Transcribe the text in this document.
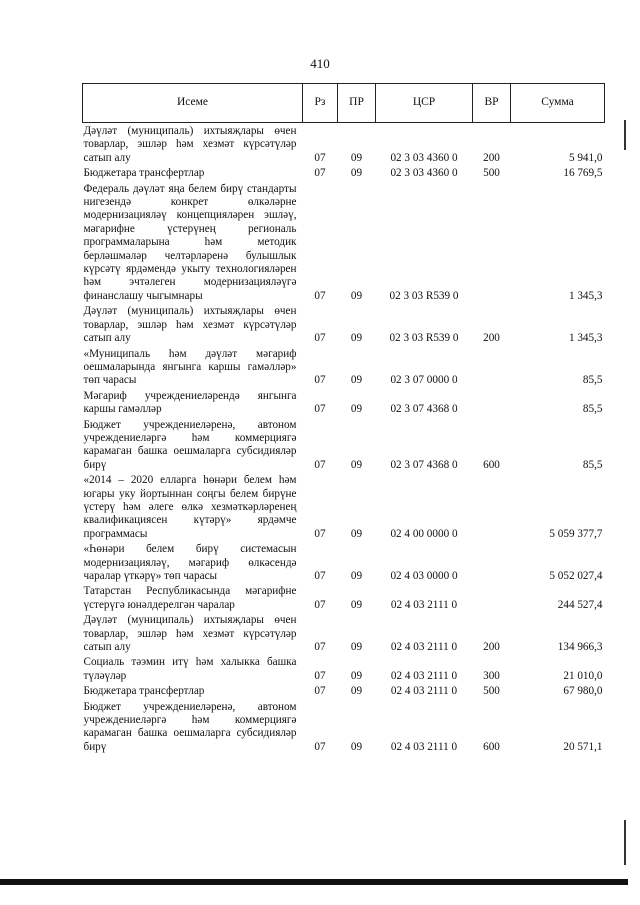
410
Исеме	Рз	ПР	ЦСР	ВР	Сумма
Дәүләт (муниципаль) ихтыяҗлары өчен товарлар, эшләр һәм хезмәт күрсәтүләр сатып алу	07	09	02 3 03 4360 0	200	5 941,0
Бюджетара трансфертлар	07	09	02 3 03 4360 0	500	16 769,5
Федераль дәүләт яңа белем бирү стандарты нигезендә конкрет өлкәләрне модернизацияләү концепцияләрен эшләү, мәгарифне үстерүнең региональ программаларына һәм методик берләшмәләр челтәрләренә булышлык күрсәтү ярдәмендә укыту технологияләрен һәм эчтәлеген модернизацияләүгә финанслашу чыгымнары	07	09	02 3 03 R539 0		1 345,3
Дәүләт (муниципаль) ихтыяҗлары өчен товарлар, эшләр һәм хезмәт күрсәтүләр сатып алу	07	09	02 3 03 R539 0	200	1 345,3
«Муниципаль һәм дәүләт мәгариф оешмаларында янгынга каршы гамәлләр» төп чарасы	07	09	02 3 07 0000 0		85,5
Мәгариф учреждениеләрендә янгынга каршы гамәлләр	07	09	02 3 07 4368 0		85,5
Бюджет учреждениеләренә, автоном учреждениеләргә һәм коммерциягә карамаган башка оешмаларга субсидияләр бирү	07	09	02 3 07 4368 0	600	85,5
«2014 – 2020 елларга һөнәри белем һәм югары уку йортыннан соңгы белем бирүне үстерү һәм әлеге өлкә хезмәткәрләренең квалификациясен күтәрү» ярдәмче программасы	07	09	02 4 00 0000 0		5 059 377,7
«Һөнәри белем бирү системасын модернизацияләү, мәгариф өлкәсендә чаралар үткәрү» төп чарасы	07	09	02 4 03 0000 0		5 052 027,4
Татарстан Республикасында мәгарифне үстерүгә юнәлдерелгән чаралар	07	09	02 4 03 2111 0		244 527,4
Дәүләт (муниципаль) ихтыяҗлары өчен товарлар, эшләр һәм хезмәт күрсәтүләр сатып алу	07	09	02 4 03 2111 0	200	134 966,3
Социаль тәэмин итү һәм халыкка башка түләүләр	07	09	02 4 03 2111 0	300	21 010,0
Бюджетара трансфертлар	07	09	02 4 03 2111 0	500	67 980,0
Бюджет учреждениеләренә, автоном учреждениеләргә һәм коммерциягә карамаган башка оешмаларга субсидияләр бирү	07	09	02 4 03 2111 0	600	20 571,1
